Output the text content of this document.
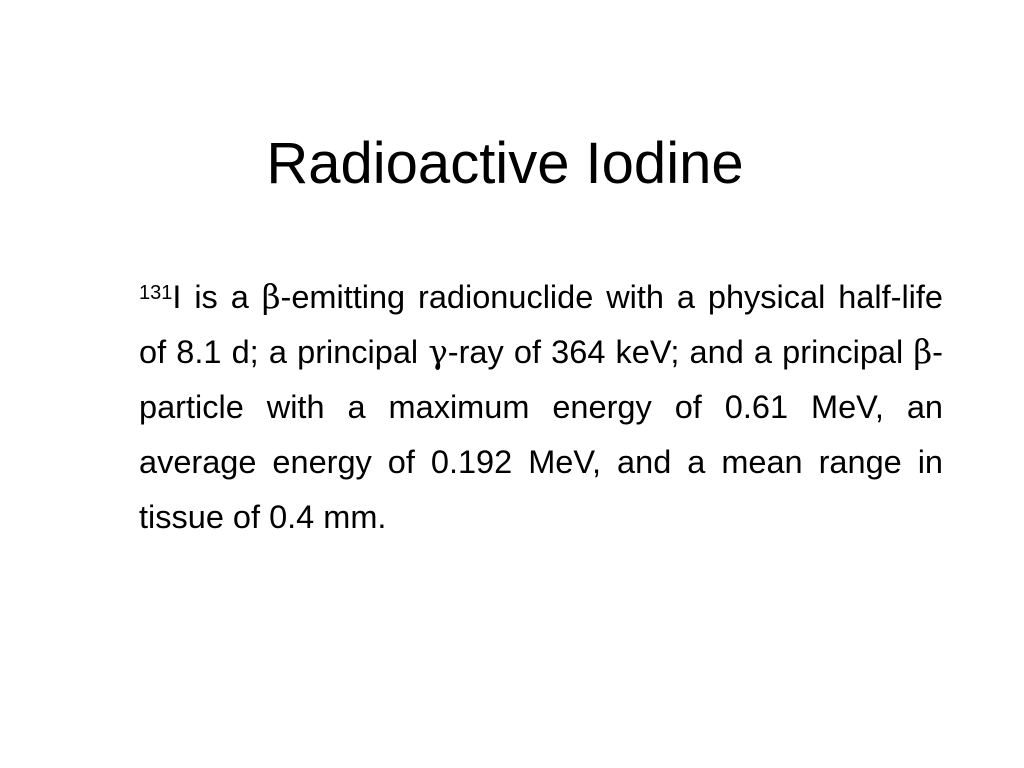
Radioactive Iodine

$^{131}$I is a β-emitting radionuclide with a physical half-life of 8.1 d; a principal γ-ray of 364 keV; and a principal β-particle with a maximum energy of 0.61 MeV, an average energy of 0.192 MeV, and a mean range in tissue of 0.4 mm.
